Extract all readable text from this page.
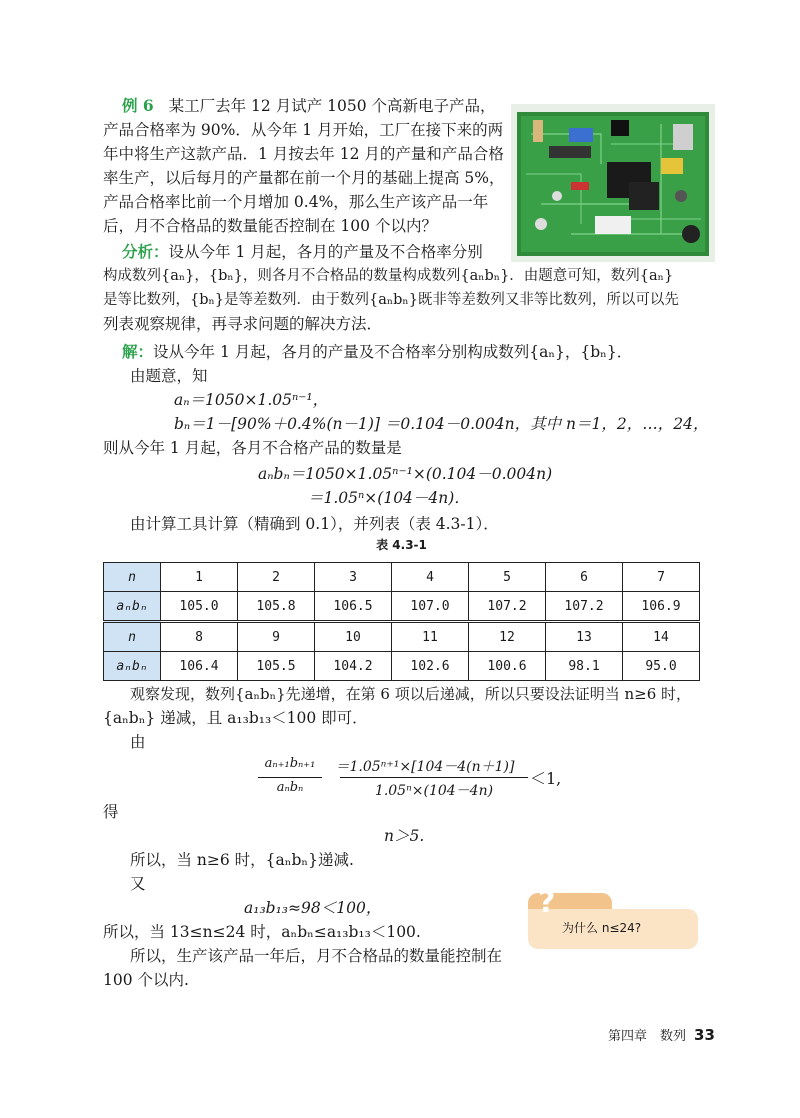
例 6 某工厂去年 12 月试产 1050 个高新电子产品，
产品合格率为 90%．从今年 1 月开始，工厂在接下来的两
年中将生产这款产品．1 月按去年 12 月的产量和产品合格
率生产，以后每月的产量都在前一个月的基础上提高 5%，
产品合格率比前一个月增加 0.4%，那么生产该产品一年
后，月不合格品的数量能否控制在 100 个以内？
分析：设从今年 1 月起，各月的产量及不合格率分别
构成数列{aₙ}，{bₙ}，则各月不合格品的数量构成数列{aₙbₙ}．由题意可知，数列{aₙ}
是等比数列，{bₙ}是等差数列．由于数列{aₙbₙ}既非等差数列又非等比数列，所以可以先
列表观察规律，再寻求问题的解决方法．
解：设从今年 1 月起，各月的产量及不合格率分别构成数列{aₙ}，{bₙ}．
由题意，知
aₙ＝1050×1.05ⁿ⁻¹，
bₙ＝1－[90%＋0.4%(n－1)] ＝0.104－0.004n，其中 n＝1，2，…，24，
则从今年 1 月起，各月不合格产品的数量是
aₙbₙ＝1050×1.05ⁿ⁻¹×(0.104－0.004n)
＝1.05ⁿ×(104－4n)．
由计算工具计算（精确到 0.1），并列表（表 4.3-1）．
表 4.3-1
n	1	2	3	4	5	6	7
aₙbₙ	105.0	105.8	106.5	107.0	107.2	107.2	106.9
n	8	9	10	11	12	13	14
aₙbₙ	106.4	105.5	104.2	102.6	100.6	98.1	95.0
观察发现，数列{aₙbₙ}先递增，在第 6 项以后递减，所以只要设法证明当 n≥6 时，
{aₙbₙ} 递减，且 a₁₃b₁₃＜100 即可．
由
aₙ₊₁bₙ₊₁
aₙbₙ
＝1.05ⁿ⁺¹×[104－4(n＋1)]
1.05ⁿ×(104－4n)
＜1,
得
n＞5.
所以，当 n≥6 时，{aₙbₙ}递减.
又
a₁₃b₁₃≈98＜100，
所以，当 13≤n≤24 时，aₙbₙ≤a₁₃b₁₃＜100.
所以，生产该产品一年后，月不合格品的数量能控制在
100 个以内.
?
为什么 n≤24?
第四章　数列 33
